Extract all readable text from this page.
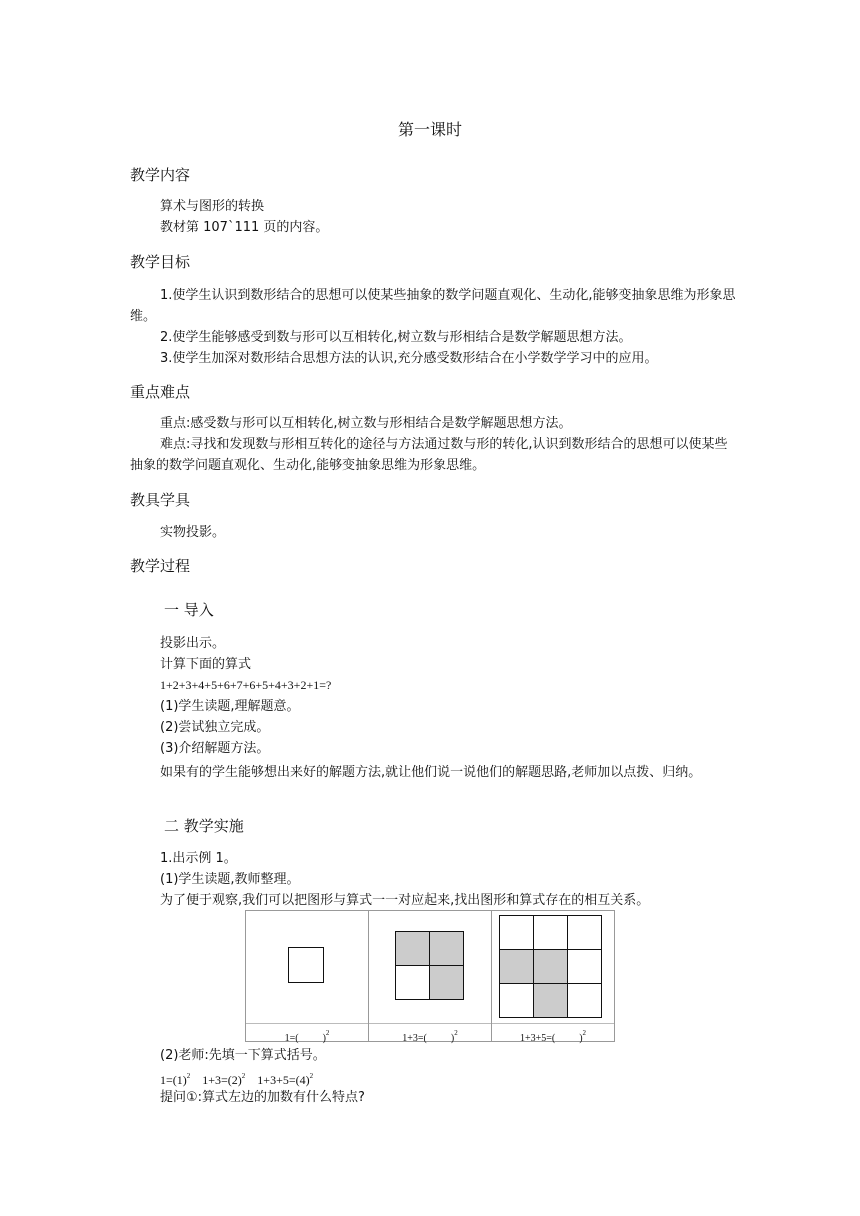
第一课时
教学内容
算术与图形的转换
教材第 107`111 页的内容。
教学目标
1.使学生认识到数形结合的思想可以使某些抽象的数学问题直观化、生动化,能够变抽象思维为形象思维。
2.使学生能够感受到数与形可以互相转化,树立数与形相结合是数学解题思想方法。
3.使学生加深对数形结合思想方法的认识,充分感受数形结合在小学数学学习中的应用。
重点难点
重点:感受数与形可以互相转化,树立数与形相结合是数学解题思想方法。
难点:寻找和发现数与形相互转化的途径与方法通过数与形的转化,认识到数形结合的思想可以使某些抽象的数学问题直观化、生动化,能够变抽象思维为形象思维。
教具学具
实物投影。
教学过程
一 导入
投影出示。
计算下面的算式
1+2+3+4+5+6+7+6+5+4+3+2+1=?
(1)学生读题,理解题意。
(2)尝试独立完成。
(3)介绍解题方法。
如果有的学生能够想出来好的解题方法,就让他们说一说他们的解题思路,老师加以点拨、归纳。
二 教学实施
1.出示例 1。
(1)学生读题,教师整理。
为了便于观察,我们可以把图形与算式一一对应起来,找出图形和算式存在的相互关系。
1=( )$^2$	1+3=( )$^2$	1+3+5=( )$^2$
(2)老师:先填一下算式括号。
$1=(1)^2$ $1+3=(2)^2$ $1+3+5=(4)^2$
提问①:算式左边的加数有什么特点?
